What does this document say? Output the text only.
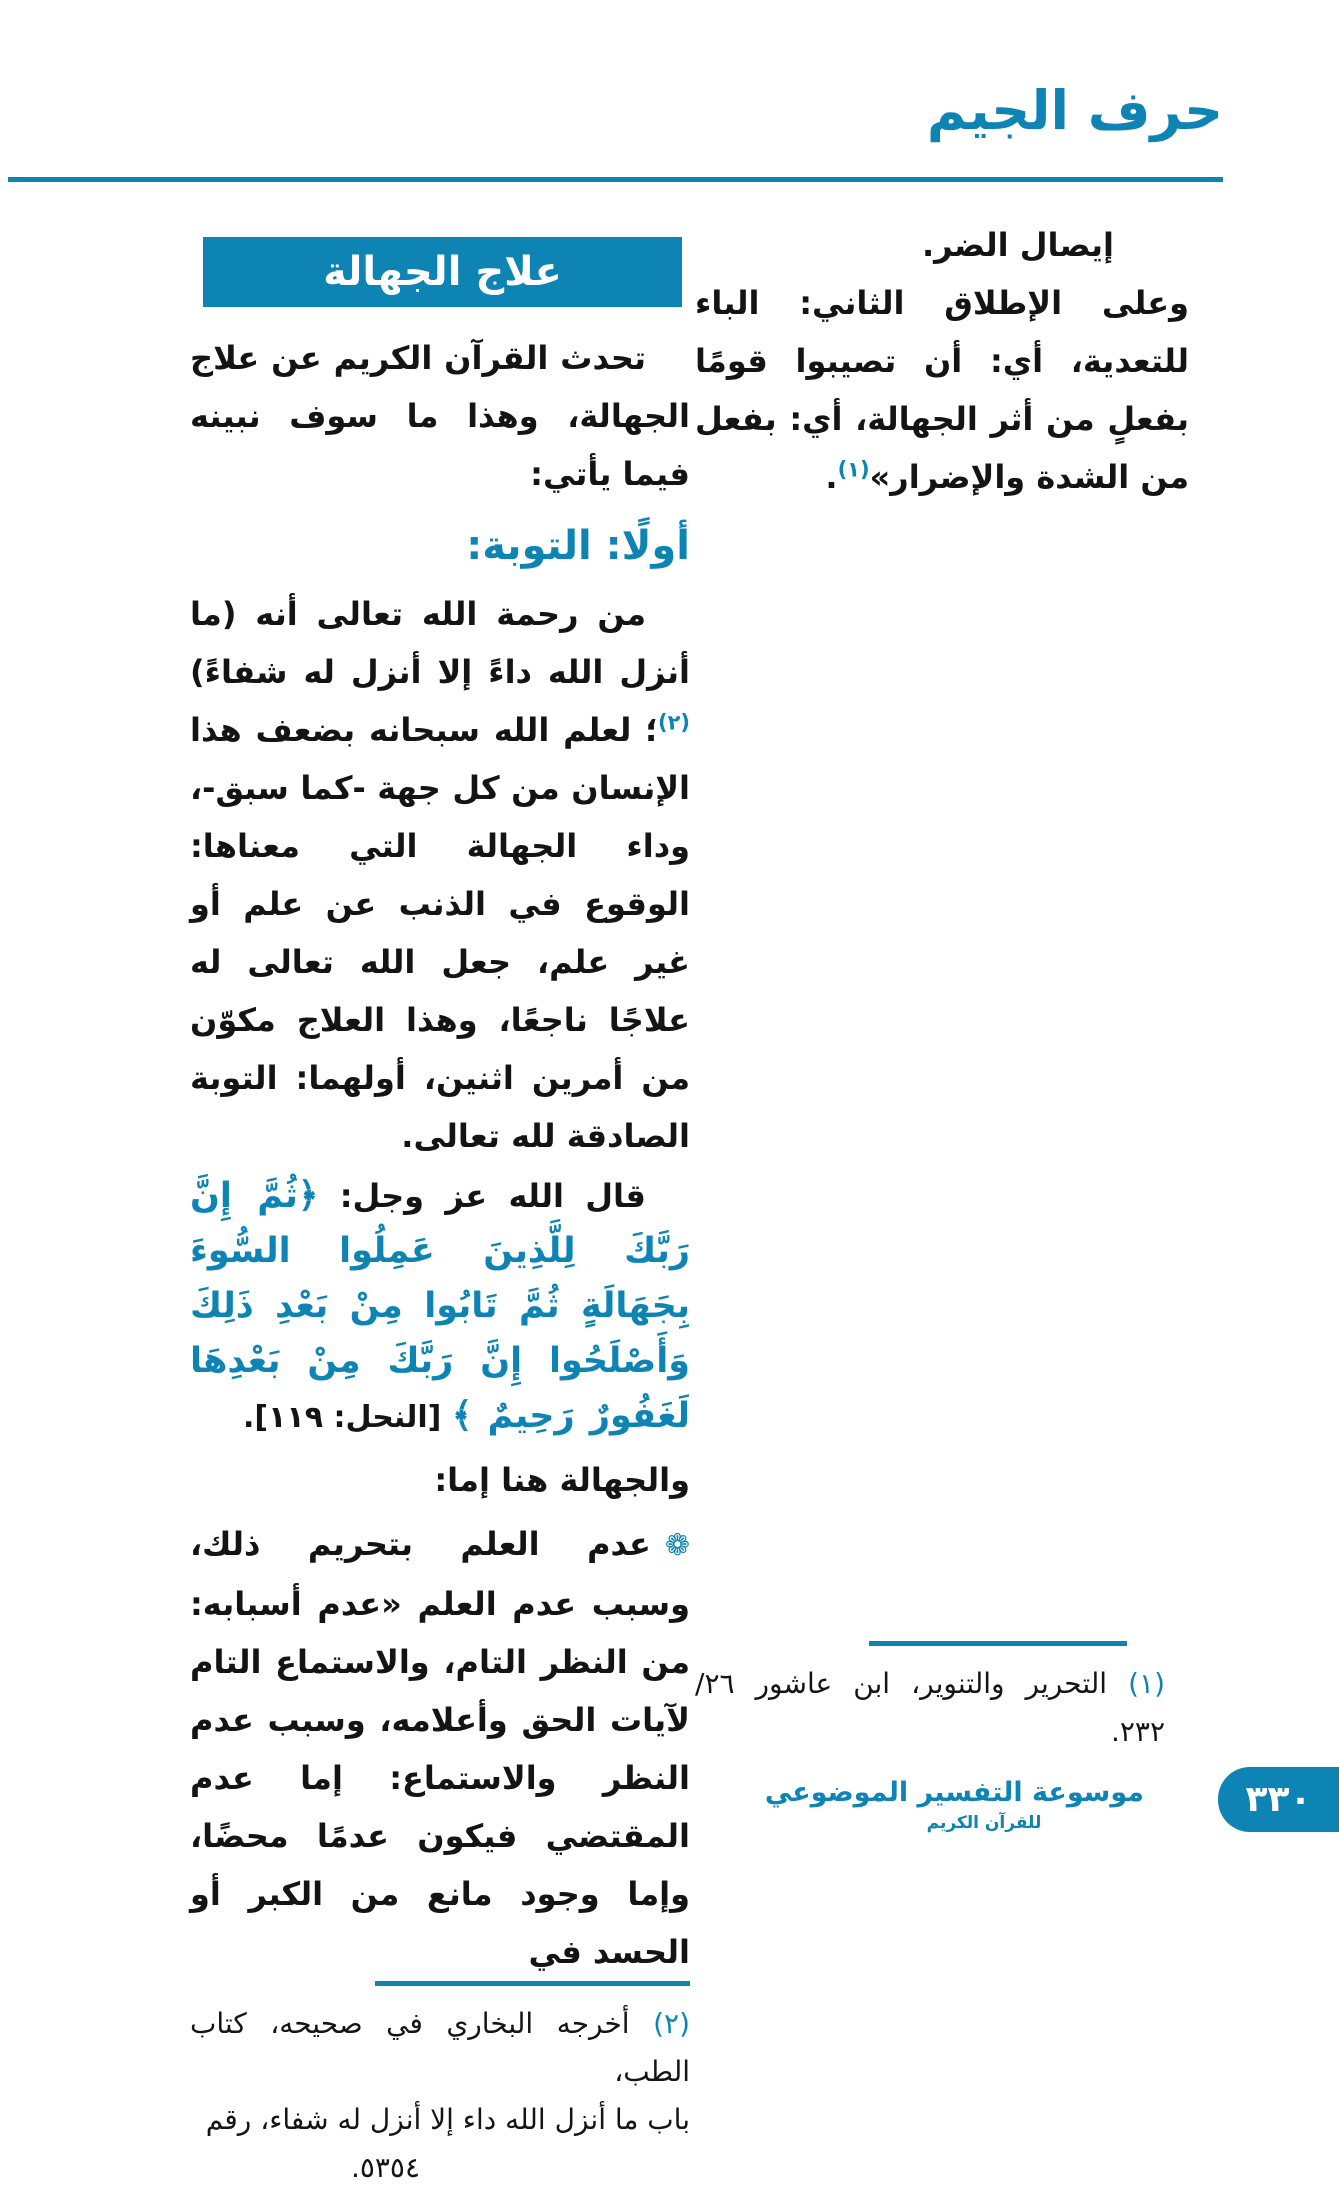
حرف الجيم

إيصال الضر.

وعلى الإطلاق الثاني: الباء للتعدية، أي: أن تصيبوا قومًا بفعلٍ من أثر الجهالة، أي: بفعل من الشدة والإضرار»$^{(١)}$.

(١) التحرير والتنوير، ابن عاشور ٢٦/ ٢٣٢.

علاج الجهالة

تحدث القرآن الكريم عن علاج الجهالة، وهذا ما سوف نبينه فيما يأتي:

أولًا: التوبة:

من رحمة الله تعالى أنه (ما أنزل الله داءً إلا أنزل له شفاءً)$^{(٢)}$؛ لعلم الله سبحانه بضعف هذا الإنسان من كل جهة -كما سبق-، وداء الجهالة التي معناها: الوقوع في الذنب عن علم أو غير علم، جعل الله تعالى له علاجًا ناجعًا، وهذا العلاج مكوّن من أمرين اثنين، أولهما: التوبة الصادقة لله تعالى.

قال الله عز وجل: ﴿ثُمَّ إِنَّ رَبَّكَ لِلَّذِينَ عَمِلُوا السُّوءَ بِجَهَالَةٍ ثُمَّ تَابُوا مِنْ بَعْدِ ذَلِكَ وَأَصْلَحُوا إِنَّ رَبَّكَ مِنْ بَعْدِهَا لَغَفُورٌ رَحِيمٌ ﴾ [النحل: ١١٩].

والجهالة هنا إما:

❁عدم العلم بتحريم ذلك، وسبب عدم العلم «عدم أسبابه: من النظر التام، والاستماع التام لآيات الحق وأعلامه، وسبب عدم النظر والاستماع: إما عدم المقتضي فيكون عدمًا محضًا، وإما وجود مانع من الكبر أو الحسد في

(٢) أخرجه البخاري في صحيحه، كتاب الطب،

باب ما أنزل الله داء إلا أنزل له شفاء، رقم

٥٣٥٤.

موسوعة التفسير الموضوعي
للقرآن الكريم
٣٣٠
